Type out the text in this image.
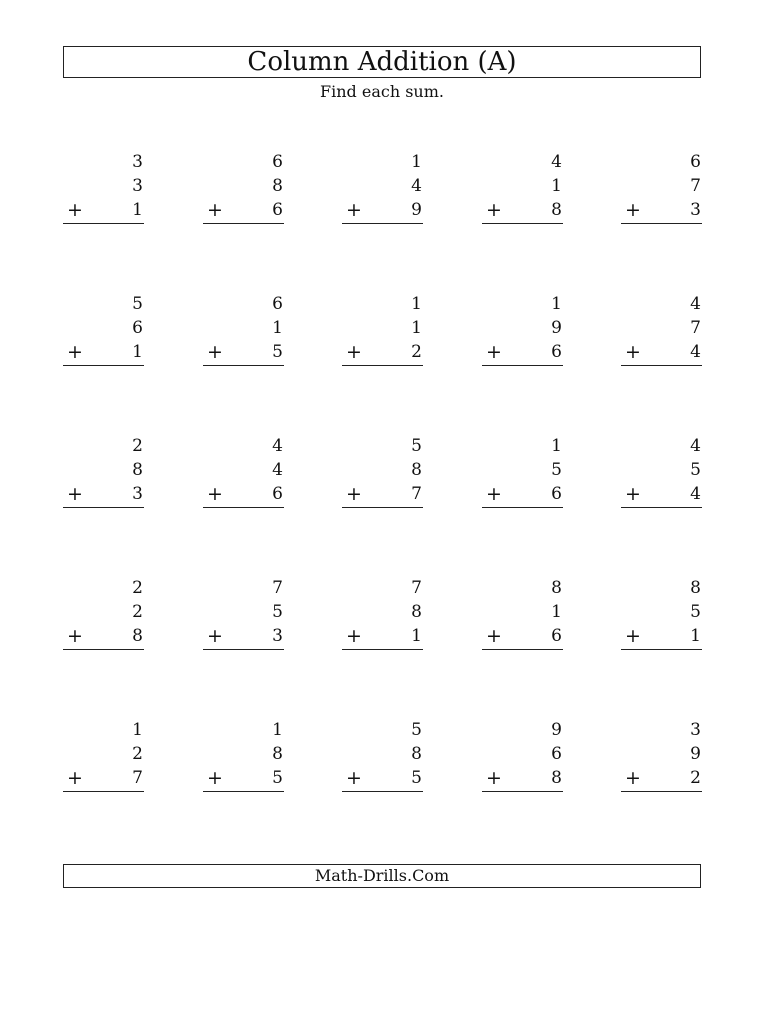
Column Addition (A)
Find each sum.
3
3
1
+
6
8
6
+
1
4
9
+
4
1
8
+
6
7
3
+
5
6
1
+
6
1
5
+
1
1
2
+
1
9
6
+
4
7
4
+
2
8
3
+
4
4
6
+
5
8
7
+
1
5
6
+
4
5
4
+
2
2
8
+
7
5
3
+
7
8
1
+
8
1
6
+
8
5
1
+
1
2
7
+
1
8
5
+
5
8
5
+
9
6
8
+
3
9
2
+
Math-Drills.Com
